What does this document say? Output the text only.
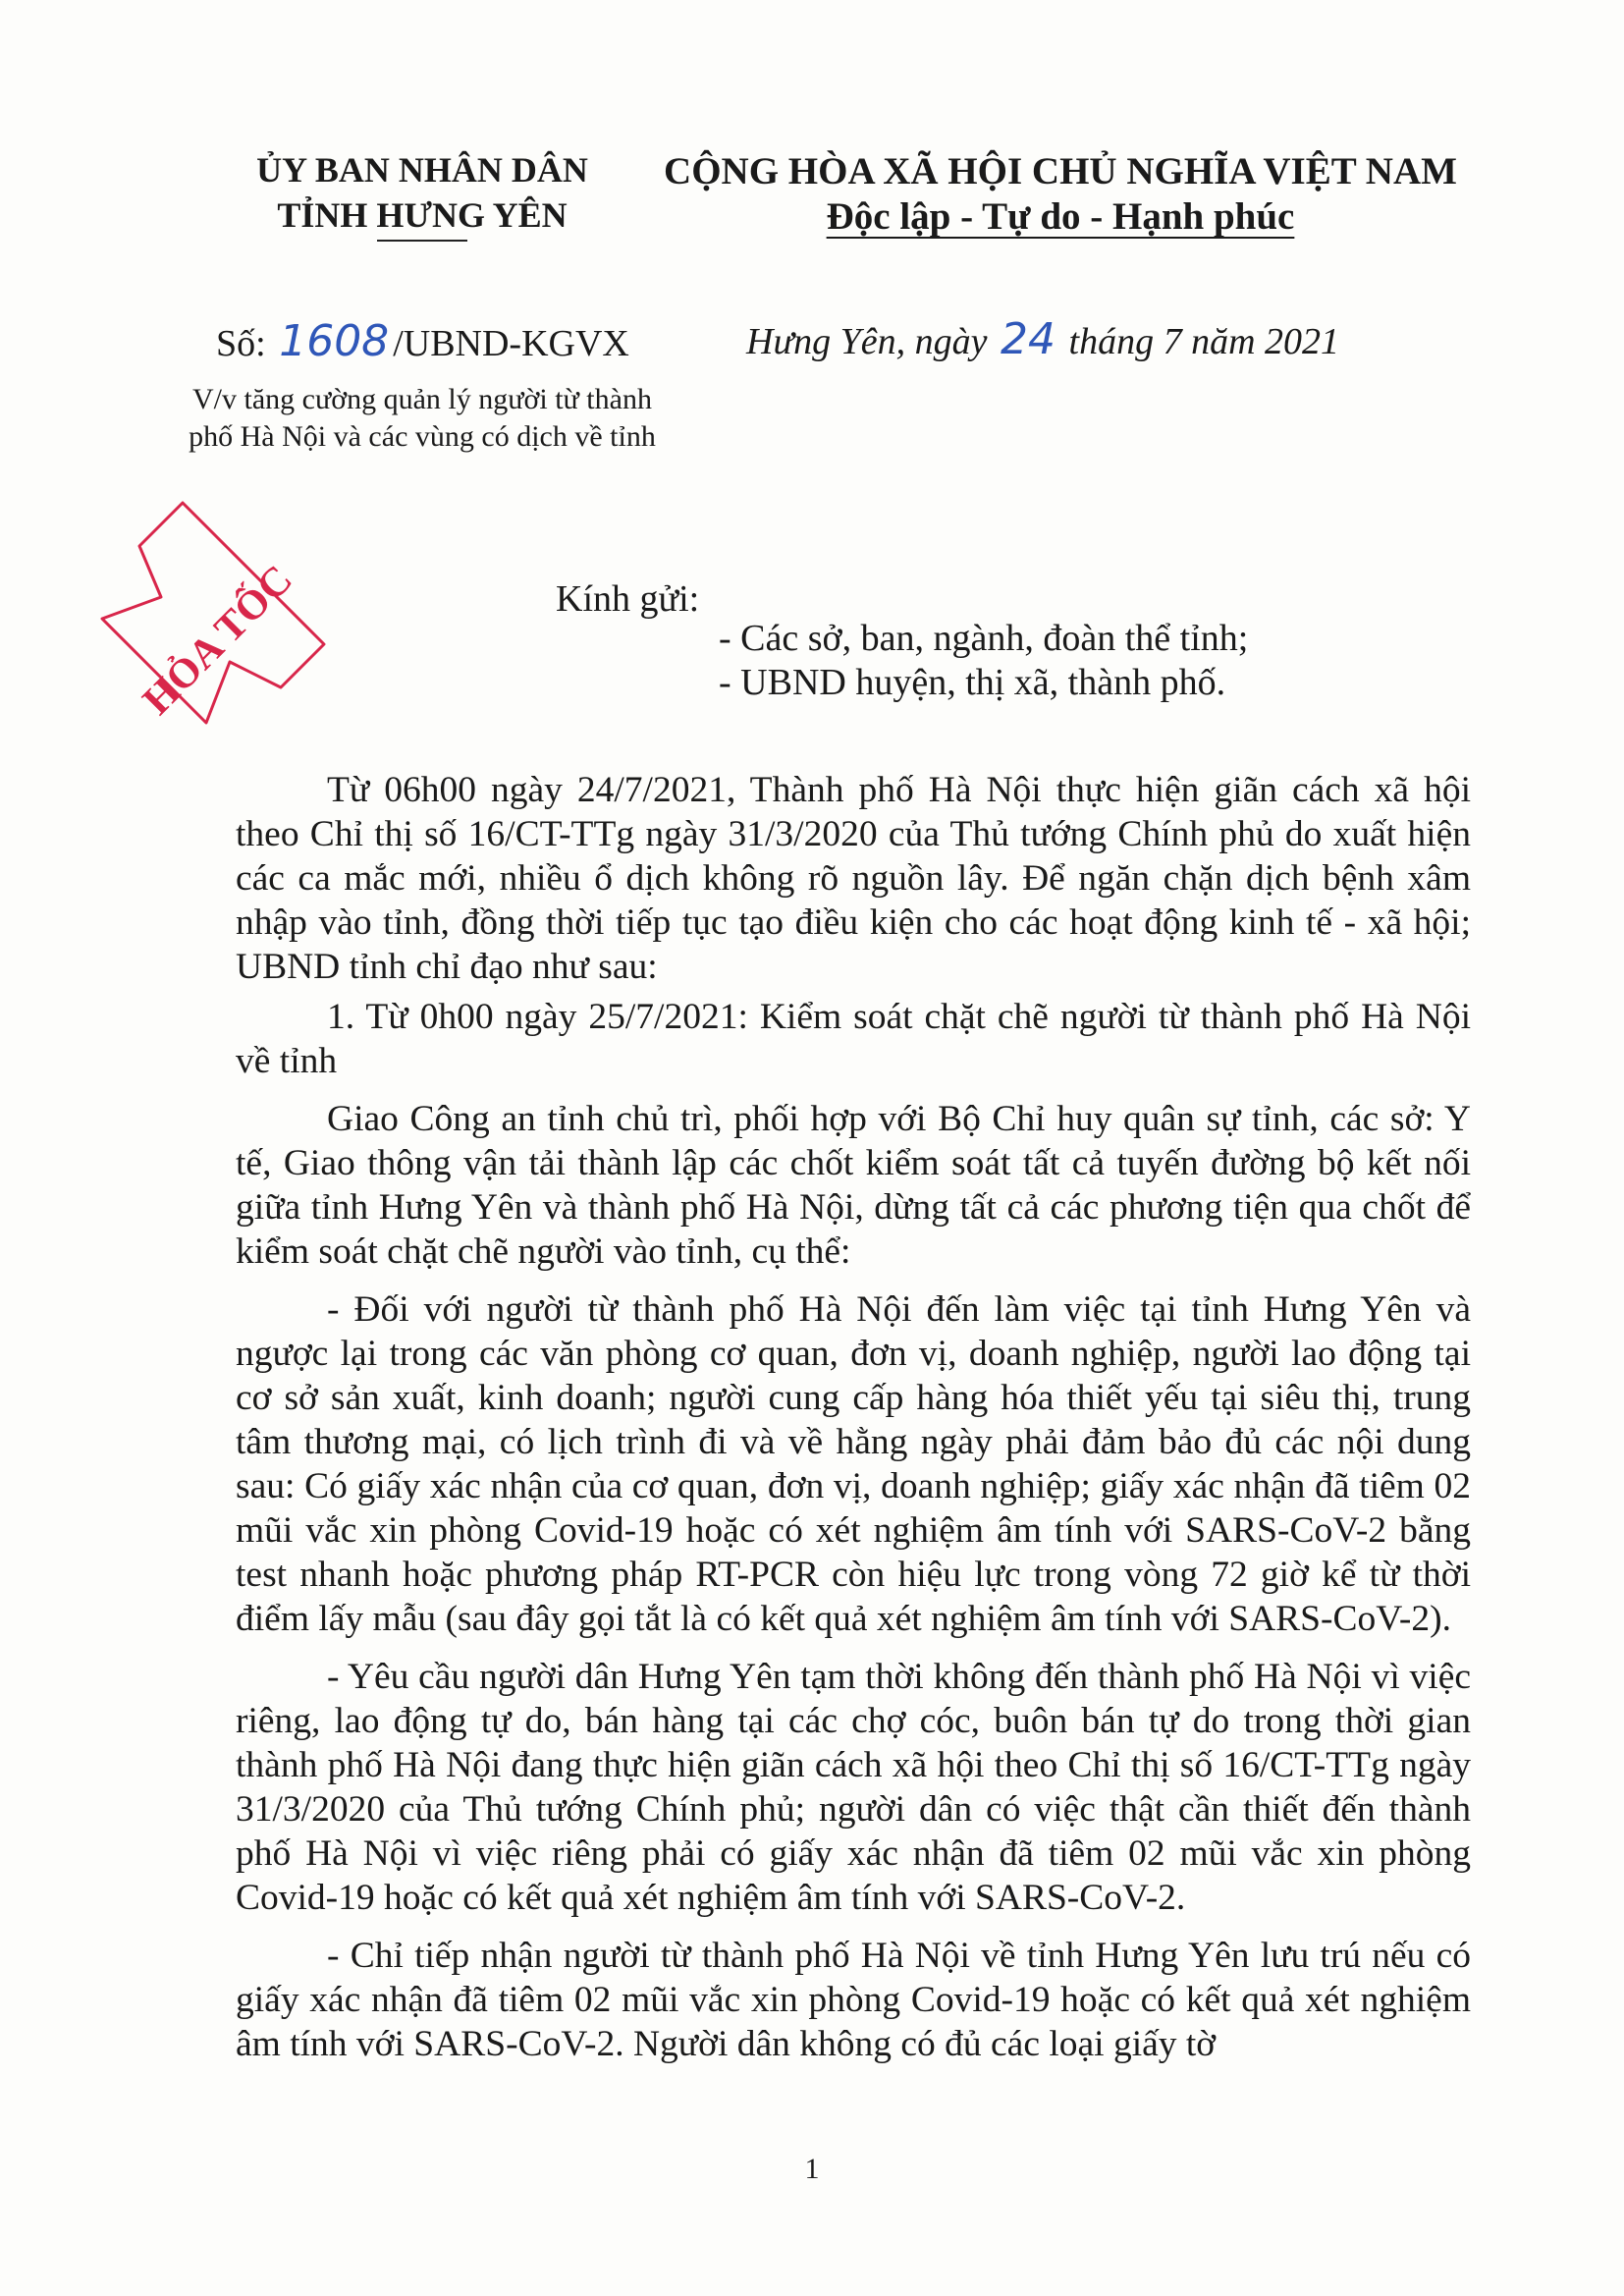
ỦY BAN NHÂN DÂN
TỈNH HƯNG YÊN
CỘNG HÒA XÃ HỘI CHỦ NGHĨA VIỆT NAM
Độc lập - Tự do - Hạnh phúc
Số: 1608 /UBND-KGVX	Hưng Yên, ngày 24 tháng 7 năm 2021
V/v tăng cường quản lý người từ thành phố Hà Nội và các vùng có dịch về tỉnh
HỎA TỐC	Kính gửi:
- Các sở, ban, ngành, đoàn thể tỉnh;
- UBND huyện, thị xã, thành phố.

Từ 06h00 ngày 24/7/2021, Thành phố Hà Nội thực hiện giãn cách xã hội theo Chỉ thị số 16/CT-TTg ngày 31/3/2020 của Thủ tướng Chính phủ do xuất hiện các ca mắc mới, nhiều ổ dịch không rõ nguồn lây. Để ngăn chặn dịch bệnh xâm nhập vào tỉnh, đồng thời tiếp tục tạo điều kiện cho các hoạt động kinh tế - xã hội; UBND tỉnh chỉ đạo như sau:

1. Từ 0h00 ngày 25/7/2021: Kiểm soát chặt chẽ người từ thành phố Hà Nội về tỉnh

Giao Công an tỉnh chủ trì, phối hợp với Bộ Chỉ huy quân sự tỉnh, các sở: Y tế, Giao thông vận tải thành lập các chốt kiểm soát tất cả tuyến đường bộ kết nối giữa tỉnh Hưng Yên và thành phố Hà Nội, dừng tất cả các phương tiện qua chốt để kiểm soát chặt chẽ người vào tỉnh, cụ thể:

- Đối với người từ thành phố Hà Nội đến làm việc tại tỉnh Hưng Yên và ngược lại trong các văn phòng cơ quan, đơn vị, doanh nghiệp, người lao động tại cơ sở sản xuất, kinh doanh; người cung cấp hàng hóa thiết yếu tại siêu thị, trung tâm thương mại, có lịch trình đi và về hằng ngày phải đảm bảo đủ các nội dung sau: Có giấy xác nhận của cơ quan, đơn vị, doanh nghiệp; giấy xác nhận đã tiêm 02 mũi vắc xin phòng Covid-19 hoặc có xét nghiệm âm tính với SARS-CoV-2 bằng test nhanh hoặc phương pháp RT-PCR còn hiệu lực trong vòng 72 giờ kể từ thời điểm lấy mẫu (sau đây gọi tắt là có kết quả xét nghiệm âm tính với SARS-CoV-2).

- Yêu cầu người dân Hưng Yên tạm thời không đến thành phố Hà Nội vì việc riêng, lao động tự do, bán hàng tại các chợ cóc, buôn bán tự do trong thời gian thành phố Hà Nội đang thực hiện giãn cách xã hội theo Chỉ thị số 16/CT-TTg ngày 31/3/2020 của Thủ tướng Chính phủ; người dân có việc thật cần thiết đến thành phố Hà Nội vì việc riêng phải có giấy xác nhận đã tiêm 02 mũi vắc xin phòng Covid-19 hoặc có kết quả xét nghiệm âm tính với SARS-CoV-2.

- Chỉ tiếp nhận người từ thành phố Hà Nội về tỉnh Hưng Yên lưu trú nếu có giấy xác nhận đã tiêm 02 mũi vắc xin phòng Covid-19 hoặc có kết quả xét nghiệm âm tính với SARS-CoV-2. Người dân không có đủ các loại giấy tờ

1
